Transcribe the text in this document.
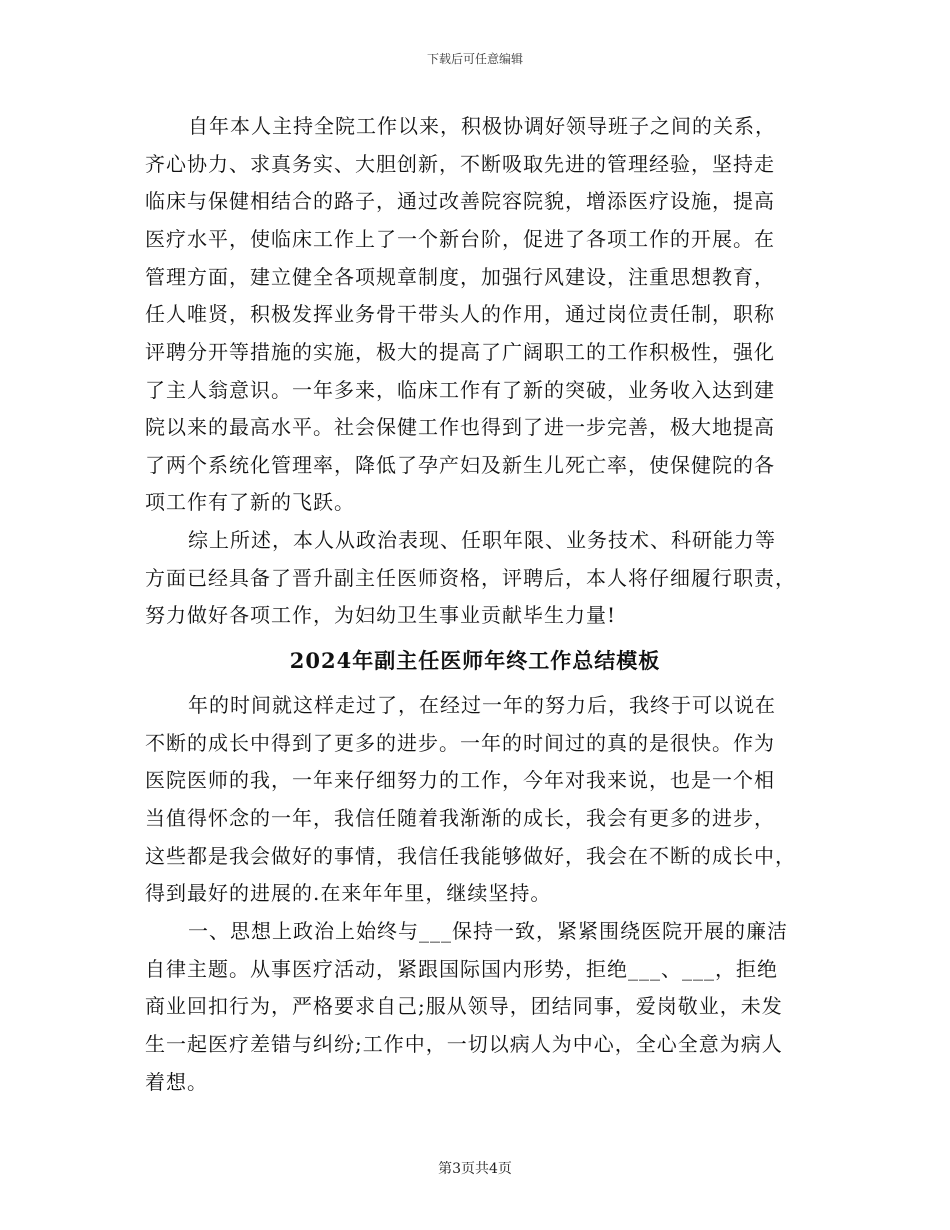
下载后可任意编辑
自年本人主持全院工作以来，积极协调好领导班子之间的关系，
齐心协力、求真务实、大胆创新，不断吸取先进的管理经验，坚持走
临床与保健相结合的路子，通过改善院容院貌，增添医疗设施，提高
医疗水平，使临床工作上了一个新台阶，促进了各项工作的开展。在
管理方面，建立健全各项规章制度，加强行风建设，注重思想教育，
任人唯贤，积极发挥业务骨干带头人的作用，通过岗位责任制，职称
评聘分开等措施的实施，极大的提高了广阔职工的工作积极性，强化
了主人翁意识。一年多来，临床工作有了新的突破，业务收入达到建
院以来的最高水平。社会保健工作也得到了进一步完善，极大地提高
了两个系统化管理率，降低了孕产妇及新生儿死亡率，使保健院的各
项工作有了新的飞跃。
综上所述，本人从政治表现、任职年限、业务技术、科研能力等
方面已经具备了晋升副主任医师资格，评聘后，本人将仔细履行职责，
努力做好各项工作，为妇幼卫生事业贡献毕生力量!
2024年副主任医师年终工作总结模板
年的时间就这样走过了，在经过一年的努力后，我终于可以说在
不断的成长中得到了更多的进步。一年的时间过的真的是很快。作为
医院医师的我，一年来仔细努力的工作，今年对我来说，也是一个相
当值得怀念的一年，我信任随着我渐渐的成长，我会有更多的进步，
这些都是我会做好的事情，我信任我能够做好，我会在不断的成长中，
得到最好的进展的.在来年年里，继续坚持。
一、思想上政治上始终与___保持一致，紧紧围绕医院开展的廉洁
自律主题。从事医疗活动，紧跟国际国内形势，拒绝___、___，拒绝
商业回扣行为，严格要求自己;服从领导，团结同事，爱岗敬业，未发
生一起医疗差错与纠纷;工作中，一切以病人为中心，全心全意为病人
着想。
第3页共4页
